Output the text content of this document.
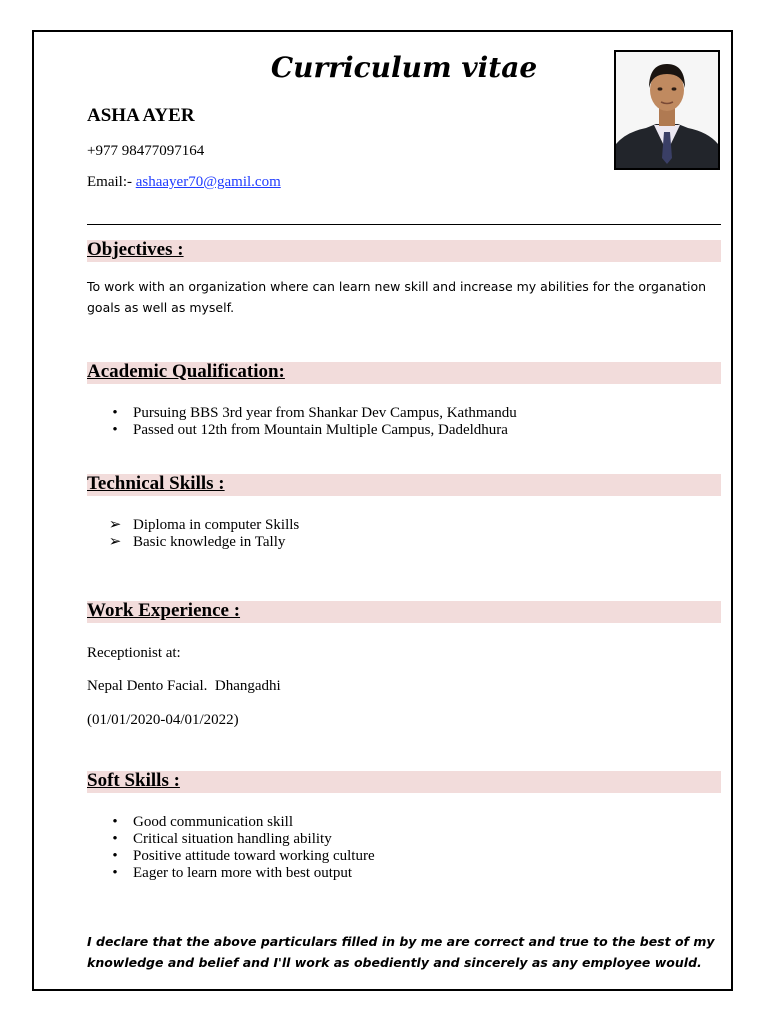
Curriculum vitae
ASHA AYER
+977 98477097164
Email:- ashaayer70@gamil.com
Objectives :
To work with an organization where can learn new skill and increase my abilities for the organation goals as well as myself.
Academic Qualification:
• Pursuing BBS 3rd year from Shankar Dev Campus, Kathmandu
• Passed out 12th from Mountain Multiple Campus, Dadeldhura
Technical Skills :
➢ Diploma in computer Skills
➢ Basic knowledge in Tally
Work Experience :
Receptionist at:
Nepal Dento Facial.  Dhangadhi
(01/01/2020-04/01/2022)
Soft Skills :
• Good communication skill
• Critical situation handling ability
• Positive attitude toward working culture
• Eager to learn more with best output
I declare that the above particulars filled in by me are correct and true to the best of my knowledge and belief and I'll work as obediently and sincerely as any employee would.
